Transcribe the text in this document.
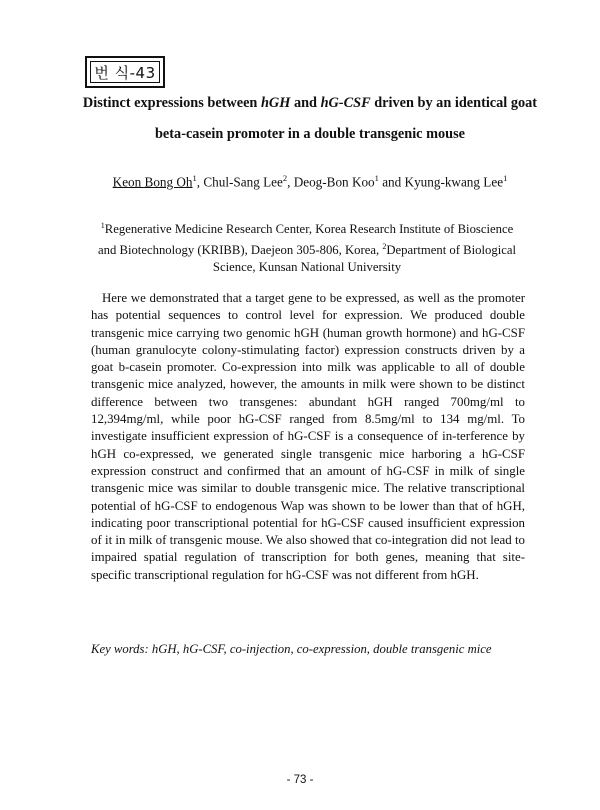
번 식-43
Distinct expressions between hGH and hG-CSF driven by an identical goat
beta-casein promoter in a double transgenic mouse
Keon Bong Oh$^1$, Chul-Sang Lee$^2$, Deog-Bon Koo$^1$ and Kyung-kwang Lee$^1$
$^1$Regenerative Medicine Research Center, Korea Research Institute of Bioscience and Biotechnology (KRIBB), Daejeon 305-806, Korea, $^2$Department of Biological Science, Kunsan National University

Here we demonstrated that a target gene to be expressed, as well as the promoter has potential sequences to control level for expression. We produced double transgenic mice carrying two genomic hGH (human growth hormone) and hG-CSF (human granulocyte colony-stimulating factor) expression constructs driven by a goat b-casein promoter. Co-expression into milk was applicable to all of double transgenic mice analyzed, however, the amounts in milk were shown to be distinct difference between two transgenes: abundant hGH ranged 700mg/ml to 12,394mg/ml, while poor hG-CSF ranged from 8.5mg/ml to 134 mg/ml. To investigate insufficient expression of hG-CSF is a consequence of in-terference by hGH co-expressed, we generated single transgenic mice harboring a hG-CSF expression construct and confirmed that an amount of hG-CSF in milk of single transgenic mice was similar to double transgenic mice. The relative transcriptional potential of hG-CSF to endogenous Wap was shown to be lower than that of hGH, indicating poor transcriptional potential for hG-CSF caused insufficient expression of it in milk of transgenic mouse. We also showed that co-integration did not lead to impaired spatial regulation of transcription for both genes, meaning that site-specific transcriptional regulation for hG-CSF was not different from hGH.

Key words: hGH, hG-CSF, co-injection, co-expression, double transgenic mice
- 73 -
